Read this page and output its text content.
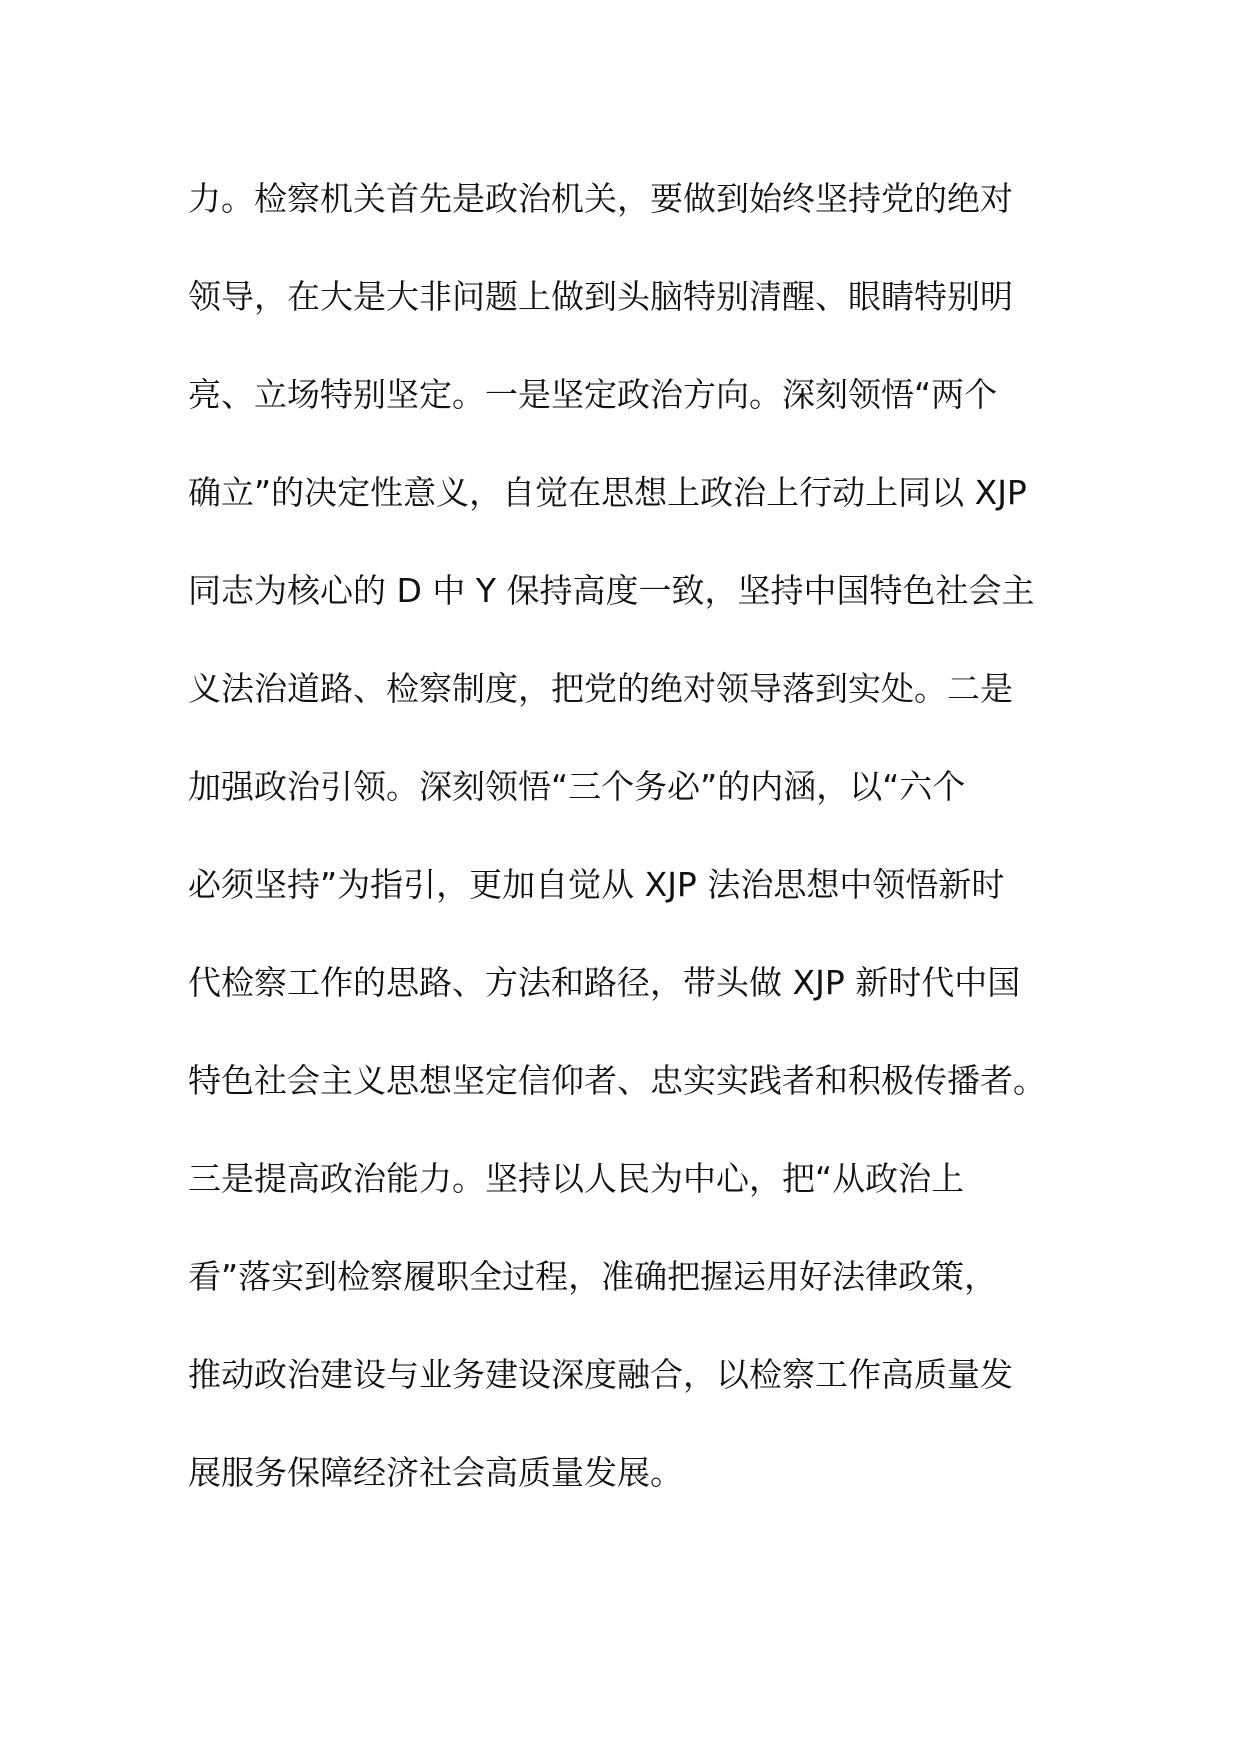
力。检察机关首先是政治机关，要做到始终坚持党的绝对
领导，在大是大非问题上做到头脑特别清醒、眼睛特别明
亮、立场特别坚定。一是坚定政治方向。深刻领悟“两个
确立”的决定性意义，自觉在思想上政治上行动上同以 XJP
同志为核心的 D 中 Y 保持高度一致，坚持中国特色社会主
义法治道路、检察制度，把党的绝对领导落到实处。二是
加强政治引领。深刻领悟“三个务必”的内涵，以“六个
必须坚持”为指引，更加自觉从 XJP 法治思想中领悟新时
代检察工作的思路、方法和路径，带头做 XJP 新时代中国
特色社会主义思想坚定信仰者、忠实实践者和积极传播者。
三是提高政治能力。坚持以人民为中心，把“从政治上
看”落实到检察履职全过程，准确把握运用好法律政策，
推动政治建设与业务建设深度融合，以检察工作高质量发
展服务保障经济社会高质量发展。
